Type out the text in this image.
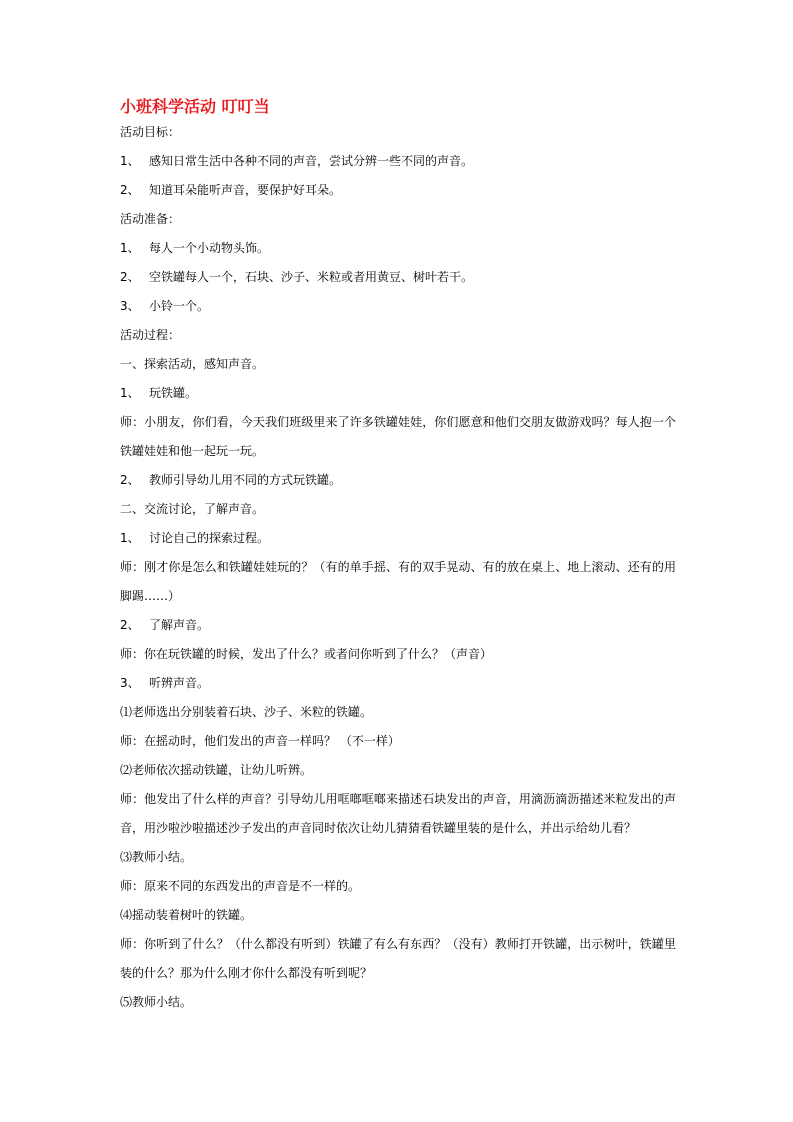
小班科学活动 叮叮当
活动目标：
1、 感知日常生活中各种不同的声音，尝试分辨一些不同的声音。
2、 知道耳朵能听声音，要保护好耳朵。
活动准备：
1、 每人一个小动物头饰。
2、 空铁罐每人一个，石块、沙子、米粒或者用黄豆、树叶若干。
3、 小铃一个。
活动过程：
一、探索活动，感知声音。
1、 玩铁罐。
师：小朋友，你们看，今天我们班级里来了许多铁罐娃娃，你们愿意和他们交朋友做游戏吗？每人抱一个铁罐娃娃和他一起玩一玩。
2、 教师引导幼儿用不同的方式玩铁罐。
二、交流讨论，了解声音。
1、 讨论自己的探索过程。
师：刚才你是怎么和铁罐娃娃玩的？（有的单手摇、有的双手晃动、有的放在桌上、地上滚动、还有的用脚踢……）
2、 了解声音。
师：你在玩铁罐的时候，发出了什么？或者问你听到了什么？（声音）
3、 听辨声音。
⑴老师选出分别装着石块、沙子、米粒的铁罐。
师：在摇动时，他们发出的声音一样吗？ （不一样）
⑵老师依次摇动铁罐，让幼儿听辨。
师：他发出了什么样的声音？引导幼儿用哐啷哐啷来描述石块发出的声音，用滴沥滴沥描述米粒发出的声音，用沙啦沙啦描述沙子发出的声音同时依次让幼儿猜猜看铁罐里装的是什么，并出示给幼儿看？
⑶教师小结。
师：原来不同的东西发出的声音是不一样的。
⑷摇动装着树叶的铁罐。
师：你听到了什么？（什么都没有听到）铁罐了有么有东西？（没有）教师打开铁罐，出示树叶，铁罐里装的什么？那为什么刚才你什么都没有听到呢？
⑸教师小结。
